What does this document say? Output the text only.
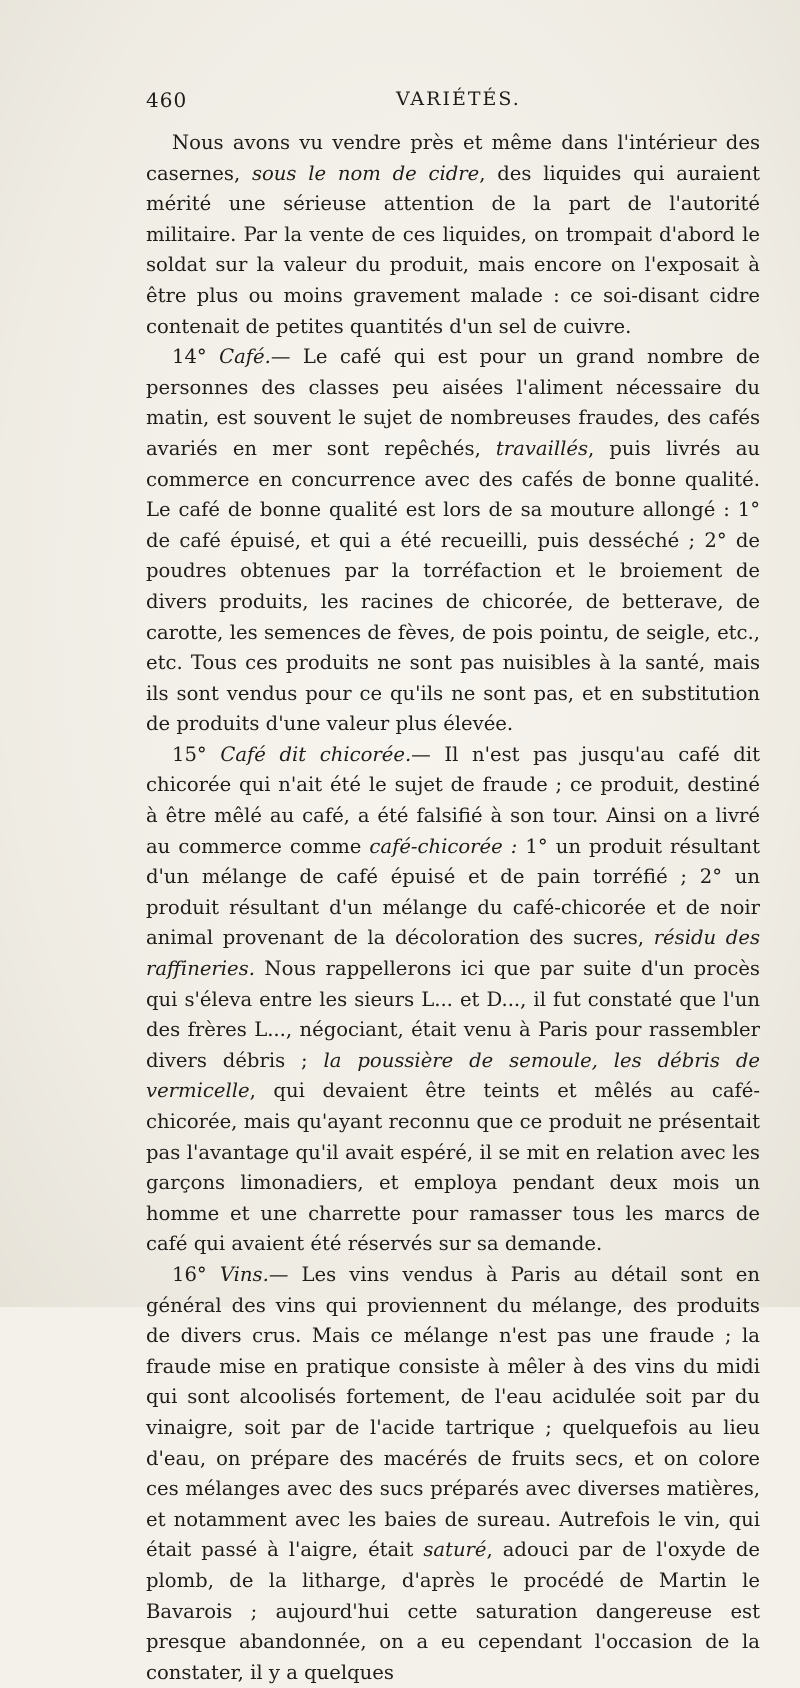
460	VARIÉTÉS.

Nous avons vu vendre près et même dans l'intérieur des casernes, sous le nom de cidre, des liquides qui auraient mérité une sérieuse attention de la part de l'autorité militaire. Par la vente de ces liquides, on trompait d'abord le soldat sur la valeur du produit, mais encore on l'exposait à être plus ou moins gravement malade : ce soi-disant cidre contenait de petites quantités d'un sel de cuivre.

14° Café.— Le café qui est pour un grand nombre de personnes des classes peu aisées l'aliment nécessaire du matin, est souvent le sujet de nombreuses fraudes, des cafés avariés en mer sont repêchés, travaillés, puis livrés au commerce en concurrence avec des cafés de bonne qualité. Le café de bonne qualité est lors de sa mouture allongé : 1° de café épuisé, et qui a été recueilli, puis desséché ; 2° de poudres obtenues par la torréfaction et le broiement de divers produits, les racines de chicorée, de betterave, de carotte, les semences de fèves, de pois pointu, de seigle, etc., etc. Tous ces produits ne sont pas nuisibles à la santé, mais ils sont vendus pour ce qu'ils ne sont pas, et en substitution de produits d'une valeur plus élevée.

15° Café dit chicorée.— Il n'est pas jusqu'au café dit chicorée qui n'ait été le sujet de fraude ; ce produit, destiné à être mêlé au café, a été falsifié à son tour. Ainsi on a livré au commerce comme café-chicorée : 1° un produit résultant d'un mélange de café épuisé et de pain torréfié ; 2° un produit résultant d'un mélange du café-chicorée et de noir animal provenant de la décoloration des sucres, résidu des raffineries. Nous rappellerons ici que par suite d'un procès qui s'éleva entre les sieurs L... et D..., il fut constaté que l'un des frères L..., négociant, était venu à Paris pour rassembler divers débris ; la poussière de semoule, les débris de vermicelle, qui devaient être teints et mêlés au café-chicorée, mais qu'ayant reconnu que ce produit ne présentait pas l'avantage qu'il avait espéré, il se mit en relation avec les garçons limonadiers, et employa pendant deux mois un homme et une charrette pour ramasser tous les marcs de café qui avaient été réservés sur sa demande.

16° Vins.— Les vins vendus à Paris au détail sont en général des vins qui proviennent du mélange, des produits de divers crus. Mais ce mélange n'est pas une fraude ; la fraude mise en pratique consiste à mêler à des vins du midi qui sont alcoolisés fortement, de l'eau acidulée soit par du vinaigre, soit par de l'acide tartrique ; quelquefois au lieu d'eau, on prépare des macérés de fruits secs, et on colore ces mélanges avec des sucs préparés avec diverses matières, et notamment avec les baies de sureau. Autrefois le vin, qui était passé à l'aigre, était saturé, adouci par de l'oxyde de plomb, de la litharge, d'après le procédé de Martin le Bavarois ; aujourd'hui cette saturation dangereuse est presque abandonnée, on a eu cependant l'occasion de la constater, il y a quelques
